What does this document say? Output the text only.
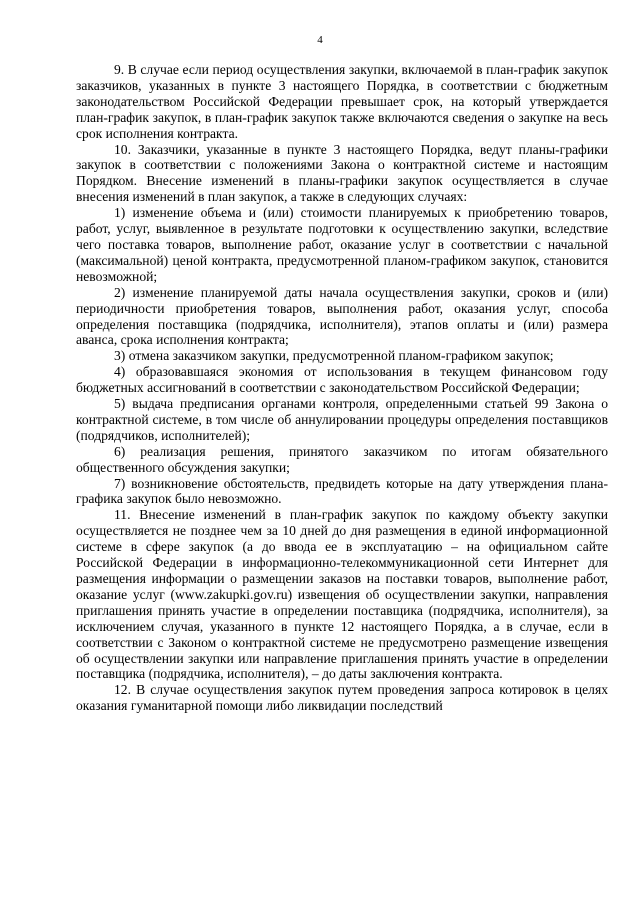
4

9. В случае если период осуществления закупки, включаемой в план-график закупок заказчиков, указанных в пункте 3 настоящего Порядка, в соответствии с бюджетным законодательством Российской Федерации превышает срок, на который утверждается план-график закупок, в план-график закупок также включаются сведения о закупке на весь срок исполнения контракта.

10. Заказчики, указанные в пункте 3 настоящего Порядка, ведут планы-графики закупок в соответствии с положениями Закона о контрактной системе и настоящим Порядком. Внесение изменений в планы-графики закупок осуществляется в случае внесения изменений в план закупок, а также в следующих случаях:

1) изменение объема и (или) стоимости планируемых к приобретению товаров, работ, услуг, выявленное в результате подготовки к осуществлению закупки, вследствие чего поставка товаров, выполнение работ, оказание услуг в соответствии с начальной (максимальной) ценой контракта, предусмотренной планом-графиком закупок, становится невозможной;

2) изменение планируемой даты начала осуществления закупки, сроков и (или) периодичности приобретения товаров, выполнения работ, оказания услуг, способа определения поставщика (подрядчика, исполнителя), этапов оплаты и (или) размера аванса, срока исполнения контракта;

3) отмена заказчиком закупки, предусмотренной планом-графиком закупок;

4) образовавшаяся экономия от использования в текущем финансовом году бюджетных ассигнований в соответствии с законодательством Российской Федерации;

5) выдача предписания органами контроля, определенными статьей 99 Закона о контрактной системе, в том числе об аннулировании процедуры определения поставщиков (подрядчиков, исполнителей);

6) реализация решения, принятого заказчиком по итогам обязательного общественного обсуждения закупки;

7) возникновение обстоятельств, предвидеть которые на дату утверждения плана-графика закупок было невозможно.

11. Внесение изменений в план-график закупок по каждому объекту закупки осуществляется не позднее чем за 10 дней до дня размещения в единой информационной системе в сфере закупок (а до ввода ее в эксплуатацию – на официальном сайте Российской Федерации в информационно-телекоммуникационной сети Интернет для размещения информации о размещении заказов на поставки товаров, выполнение работ, оказание услуг (www.zakupki.gov.ru) извещения об осуществлении закупки, направления приглашения принять участие в определении поставщика (подрядчика, исполнителя), за исключением случая, указанного в пункте 12 настоящего Порядка, а в случае, если в соответствии с Законом о контрактной системе не предусмотрено размещение извещения об осуществлении закупки или направление приглашения принять участие в определении поставщика (подрядчика, исполнителя), – до даты заключения контракта.

12. В случае осуществления закупок путем проведения запроса котировок в целях оказания гуманитарной помощи либо ликвидации последствий
